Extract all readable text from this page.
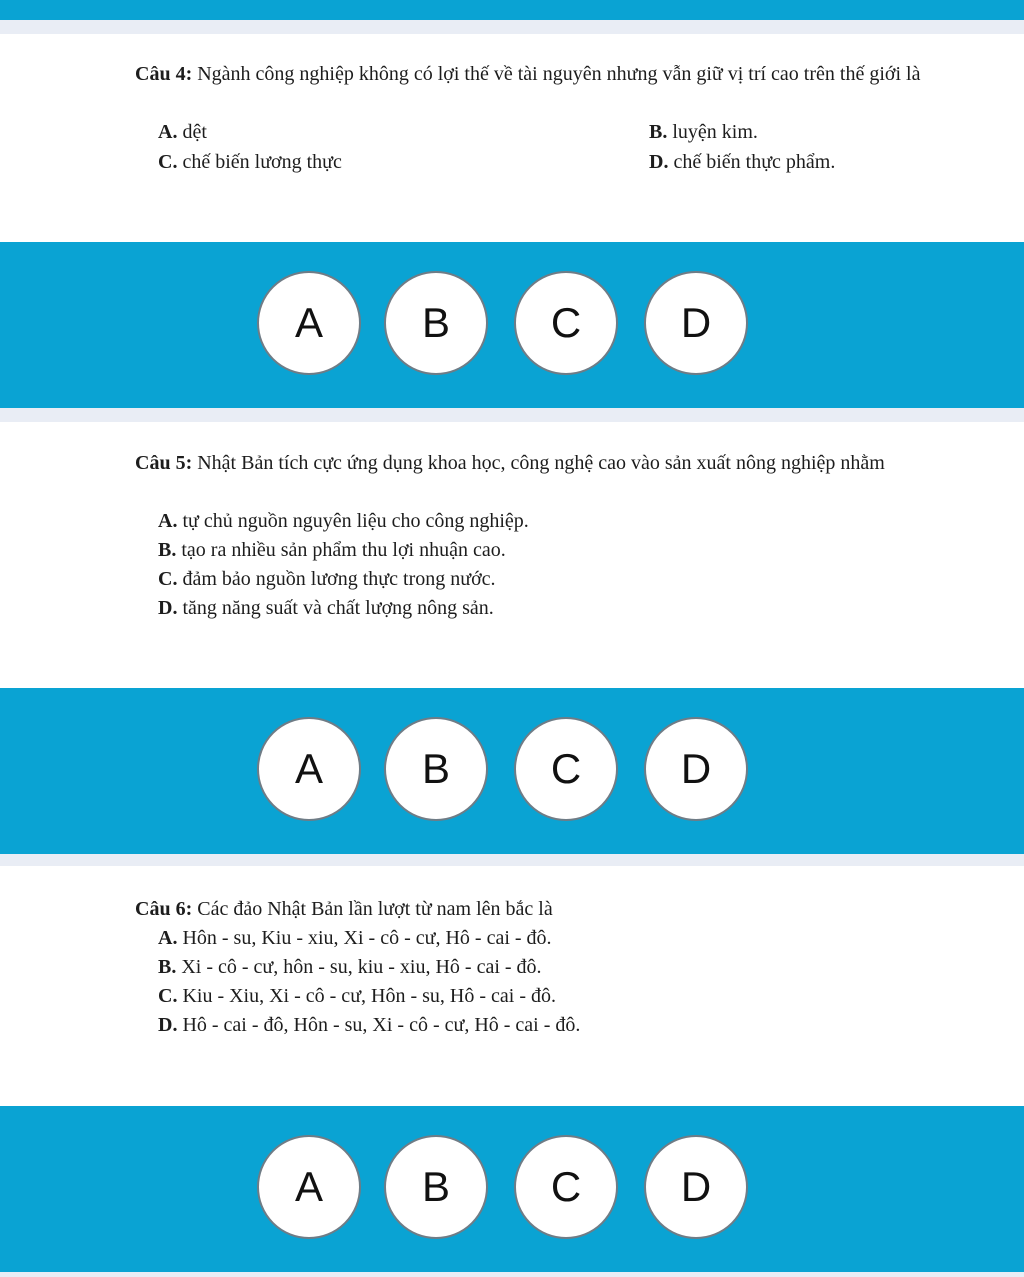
Câu 4: Ngành công nghiệp không có lợi thế về tài nguyên nhưng vẫn giữ vị trí cao trên thế giới là
A. dệt	B. luyện kim.
C. chế biến lương thực	D. chế biến thực phẩm.
A	B	C	D
Câu 5: Nhật Bản tích cực ứng dụng khoa học, công nghệ cao vào sản xuất nông nghiệp nhằm
A. tự chủ nguồn nguyên liệu cho công nghiệp.
B. tạo ra nhiều sản phẩm thu lợi nhuận cao.
C. đảm bảo nguồn lương thực trong nước.
D. tăng năng suất và chất lượng nông sản.
A	B	C	D
Câu 6: Các đảo Nhật Bản lần lượt từ nam lên bắc là
A. Hôn - su, Kiu - xiu, Xi - cô - cư, Hô - cai - đô.
B. Xi - cô - cư, hôn - su, kiu - xiu, Hô - cai - đô.
C. Kiu - Xiu, Xi - cô - cư, Hôn - su, Hô - cai - đô.
D. Hô - cai - đô, Hôn - su, Xi - cô - cư, Hô - cai - đô.
A	B	C	D
